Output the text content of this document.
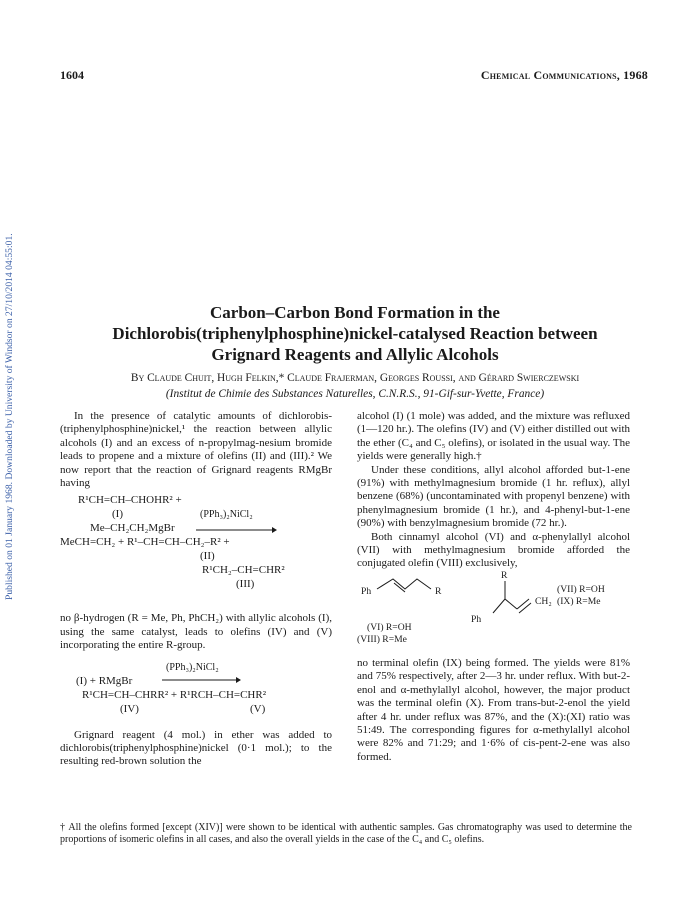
Published on 01 January 1968. Downloaded by University of Windsor on 27/10/2014 04:55:01.
1604	Chemical Communications, 1968
Carbon–Carbon Bond Formation in the
Dichlorobis(triphenylphosphine)nickel-catalysed Reaction between
Grignard Reagents and Allylic Alcohols
By Claude Chuit, Hugh Felkin,* Claude Frajerman, Georges Roussi, and Gérard Swierczewski
(Institut de Chimie des Substances Naturelles, C.N.R.S., 91-Gif-sur-Yvette, France)

In the presence of catalytic amounts of dichlorobis-(triphenylphosphine)nickel,¹ the reaction between allylic alcohols (I) and an excess of n-propylmag-nesium bromide leads to propene and a mixture of olefins (II) and (III).² We now report that the reaction of Grignard reagents RMgBr having

R¹CH=CH–CHOHR² +
(I)	(PPh₃)₂NiCl₂
Me–CH₂CH₂MgBr
MeCH=CH₂ + R¹–CH=CH–CH₂–R² +
(II)
R¹CH₂–CH=CHR²
(III)

no β-hydrogen (R = Me, Ph, PhCH₂) with allylic alcohols (I), using the same catalyst, leads to olefins (IV) and (V) incorporating the entire R-group.

(PPh₃)₂NiCl₂
(I) + RMgBr
R¹CH=CH–CHRR² + R¹RCH–CH=CHR²
(IV)	(V)

Grignard reagent (4 mol.) in ether was added to dichlorobis(triphenylphosphine)nickel (0·1 mol.); to the resulting red-brown solution the

alcohol (I) (1 mole) was added, and the mixture was refluxed (1—120 hr.). The olefins (IV) and (V) either distilled out with the ether (C₄ and C₅ olefins), or isolated in the usual way. The yields were generally high.†

Under these conditions, allyl alcohol afforded but-1-ene (91%) with methylmagnesium bromide (1 hr. reflux), allyl benzene (68%) (uncontaminated with propenyl benzene) with phenylmagnesium bromide (1 hr.), and 4-phenyl-but-1-ene (90%) with benzylmagnesium bromide (72 hr.).

Both cinnamyl alcohol (VI) and α-phenylallyl alcohol (VII) with methylmagnesium bromide afforded the conjugated olefin (VIII) exclusively,

Ph	R
(VI) R=OH
(VIII) R=Me
R
CH₂
Ph
(VII) R=OH
(IX) R=Me

no terminal olefin (IX) being formed. The yields were 81% and 75% respectively, after 2—3 hr. under reflux. With but-2-enol and α-methylallyl alcohol, however, the major product was the terminal olefin (X). From trans-but-2-enol the yield after 4 hr. under reflux was 87%, and the (X):(XI) ratio was 51:49. The corresponding figures for α-methylallyl alcohol were 82% and 71:29; and 1·6% of cis-pent-2-ene was also formed.

† All the olefins formed [except (XIV)] were shown to be identical with authentic samples. Gas chromatography was used to determine the proportions of isomeric olefins in all cases, and also the overall yields in the case of the C₄ and C₅ olefins.
